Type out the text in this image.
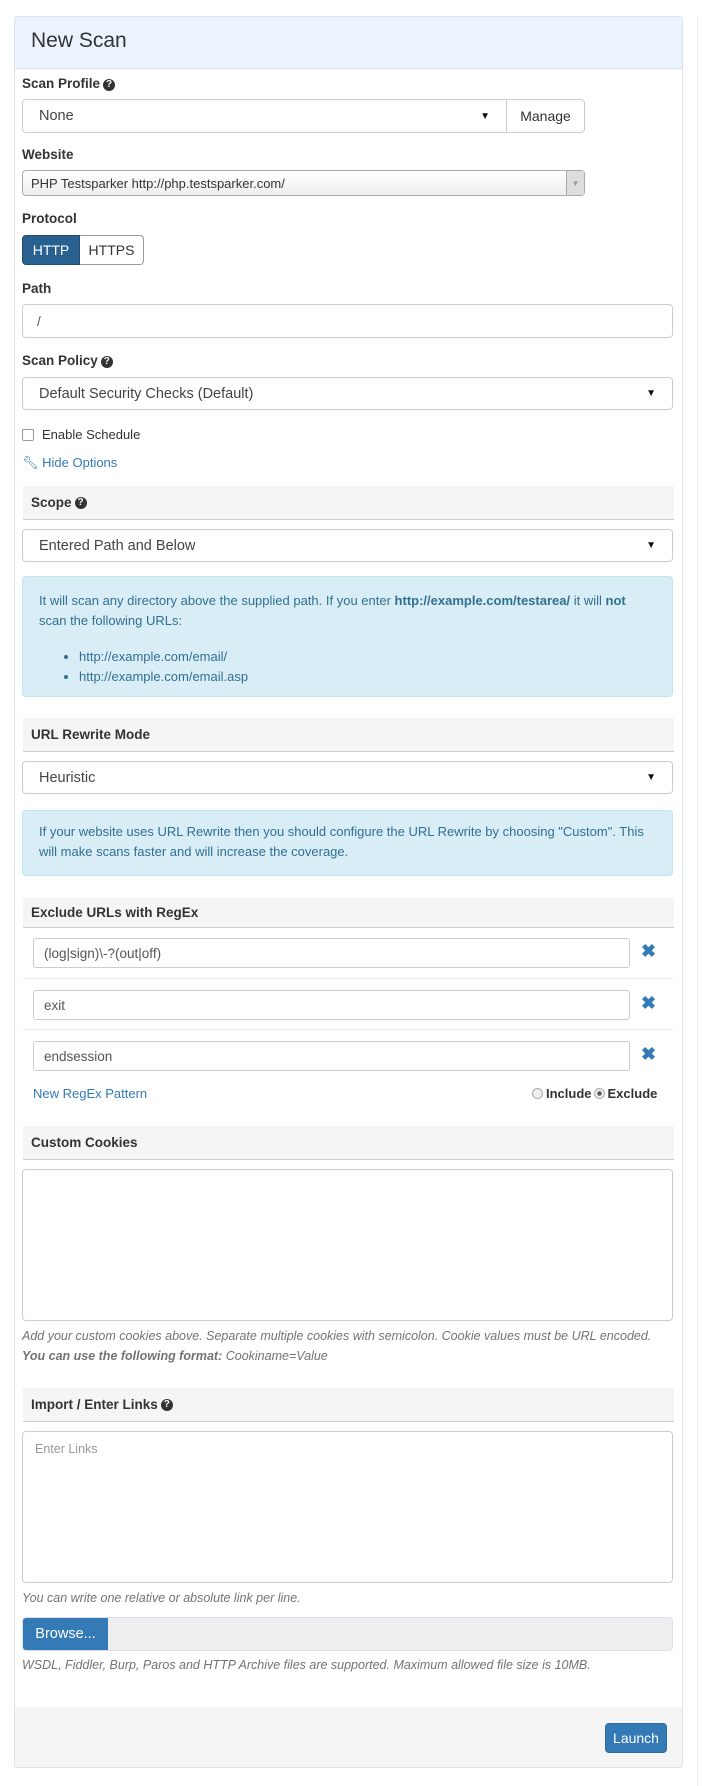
New Scan
Scan Profile ?
None	▼	Manage
Website
PHP Testsparker http://php.testsparker.com/	▼
Protocol
HTTP	HTTPS
Path
/
Scan Policy ?
Default Security Checks (Default)	▼
Enable Schedule
🔧︎ Hide Options
Scope ?
Entered Path and Below	▼
It will scan any directory above the supplied path. If you enter http://example.com/testarea/ it will not scan the following URLs:
• http://example.com/email/
• http://example.com/email.asp
URL Rewrite Mode
Heuristic	▼
If your website uses URL Rewrite then you should configure the URL Rewrite by choosing "Custom". This will make scans faster and will increase the coverage.
Exclude URLs with RegEx
(log|sign)\-?(out|off)	✖
exit	✖
endsession	✖
New RegEx Pattern	Include Exclude
Custom Cookies
Add your custom cookies above. Separate multiple cookies with semicolon. Cookie values must be URL encoded.
You can use the following format: Cookiname=Value
Import / Enter Links ?
Enter Links
You can write one relative or absolute link per line.
Browse...
WSDL, Fiddler, Burp, Paros and HTTP Archive files are supported. Maximum allowed file size is 10MB.
Launch
